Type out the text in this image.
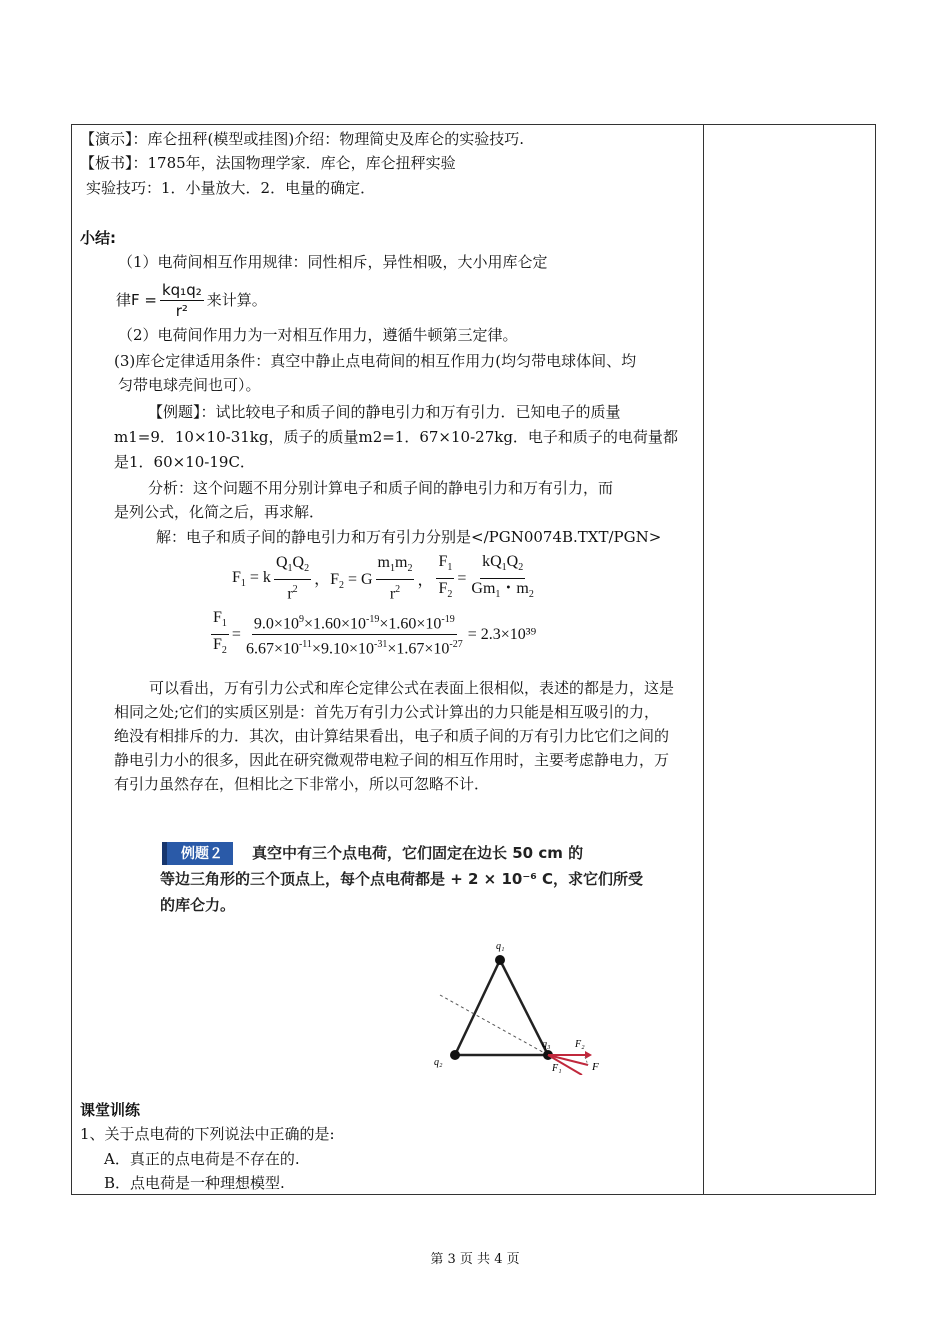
【演示】：库仑扭秤(模型或挂图)介绍：物理简史及库仑的实验技巧.
【板书】：1785年，法国物理学家．库仑，库仑扭秤实验
实验技巧：1．小量放大．2．电量的确定．
小结:
（1）电荷间相互作用规律：同性相斥，异性相吸，大小用库仑定
律$F = \frac{\text{kq₁q₂}}{\text{r²}}$ 来计算。
（2）电荷间作用力为一对相互作用力，遵循牛顿第三定律。
(3)库仑定律适用条件：真空中静止点电荷间的相互作用力(均匀带电球体间、均
匀带电球壳间也可）。
【例题】：试比较电子和质子间的静电引力和万有引力．已知电子的质量
m1=9．10×10-31kg，质子的质量m2=1．67×10-27kg．电子和质子的电荷量都
是1．60×10-19C．
分析：这个问题不用分别计算电子和质子间的静电引力和万有引力，而
是列公式，化简之后，再求解．
解：电子和质子间的静电引力和万有引力分别是</PGN0074B.TXT/PGN>
$F_1 = k \frac{Q_1Q_2}{r^2}$ ，$F_2 = G \frac{m_1m_2}{r^2}$ ， $\frac{F_1}{F_2} = \frac{kQ_1Q_2}{Gm_1・m_2}$
$\frac{F_1}{F_2} = \frac{9.0\times 10^9\times 1.60\times 10^{-19}\times 1.60\times 10^{-19}}{6.67\times 10^{-11}\times 9.10\times 10^{-31}\times 1.67\times 10^{-27}} = 2.3\times 10^{39}$
可以看出，万有引力公式和库仑定律公式在表面上很相似，表述的都是力，这是相同之处;它们的实质区别是：首先万有引力公式计算出的力只能是相互吸引的力，绝没有相排斥的力．其次，由计算结果看出，电子和质子间的万有引力比它们之间的静电引力小的很多，因此在研究微观带电粒子间的相互作用时，主要考虑静电力，万有引力虽然存在，但相比之下非常小，所以可忽略不计．
例题２	真空中有三个点电荷，它们固定在边长 50 cm 的
等边三角形的三个顶点上，每个点电荷都是 + 2 × 10⁻⁶ C，求它们所受的库仑力。
q₁
q₂
q₃ F₂
F
F₁
课堂训练
1、关于点电荷的下列说法中正确的是:
A．真正的点电荷是不存在的.
B．点电荷是一种理想模型.
第 3 页 共 4 页
